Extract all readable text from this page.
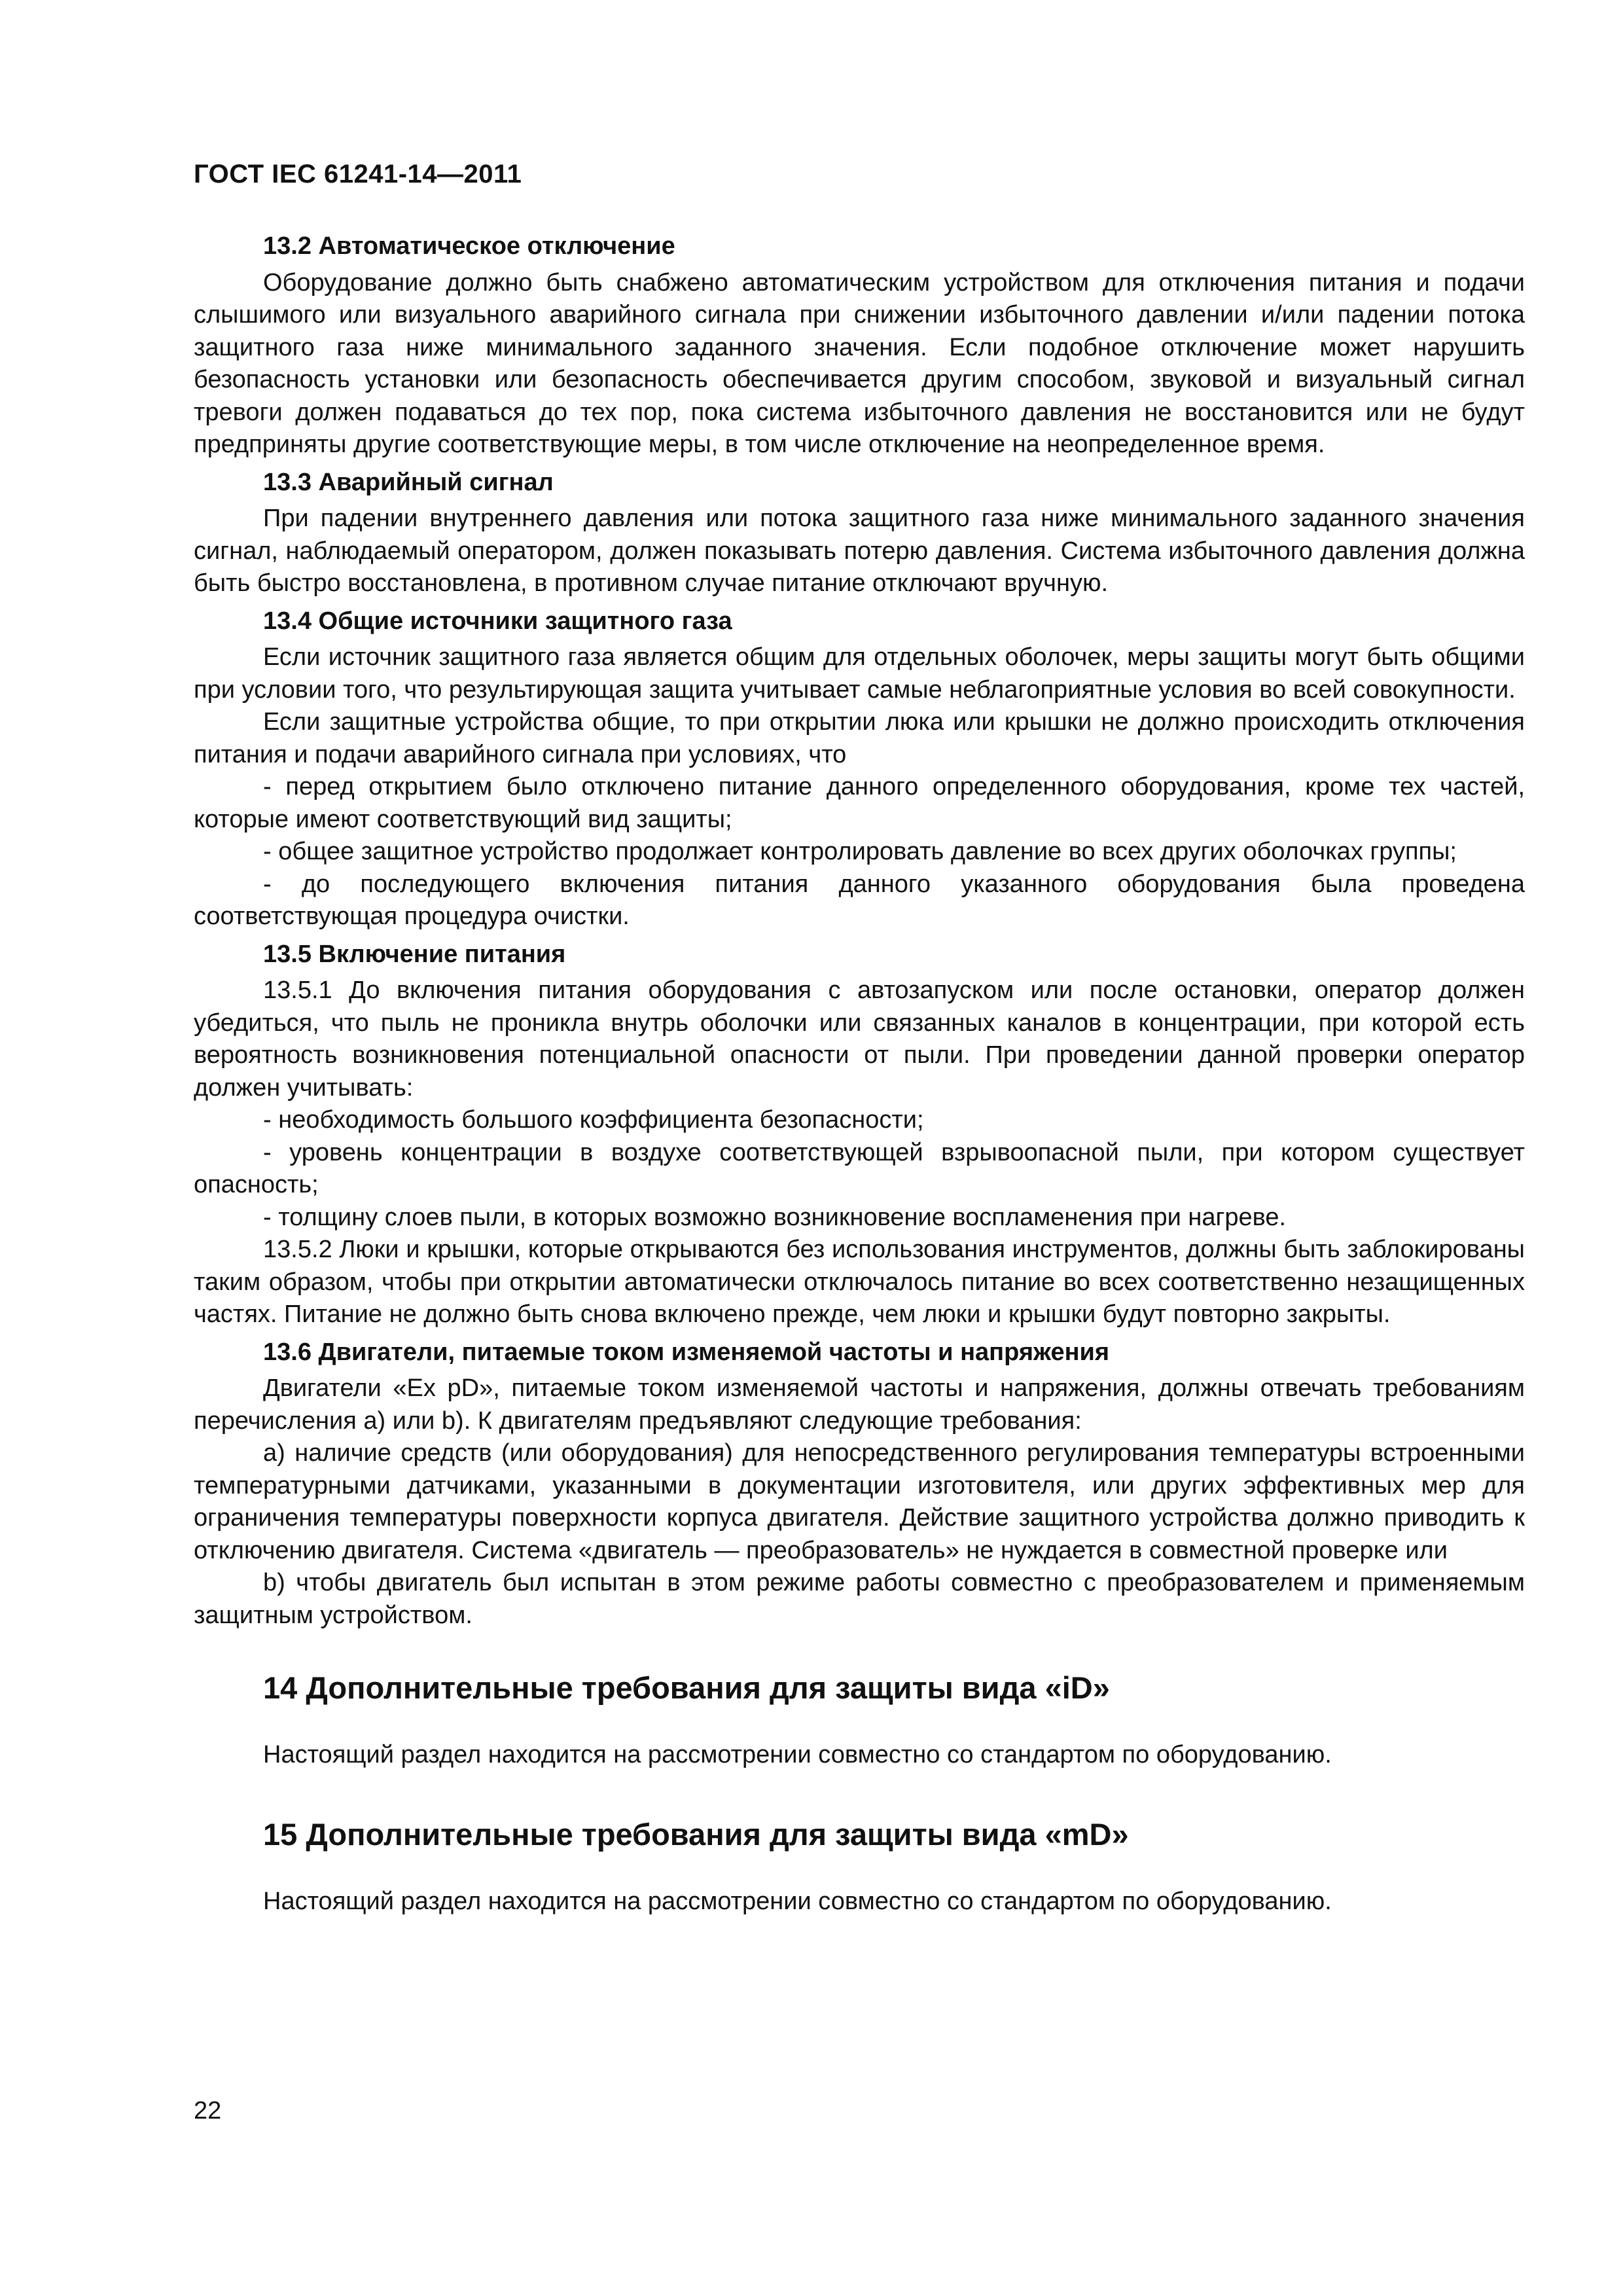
ГОСТ IEC 61241-14—2011

13.2 Автоматическое отключение

Оборудование должно быть снабжено автоматическим устройством для отключения питания и подачи слышимого или визуального аварийного сигнала при снижении избыточного давлении и/или падении потока защитного газа ниже минимального заданного значения. Если подобное отключение может нарушить безопасность установки или безопасность обеспечивается другим способом, звуковой и визуальный сигнал тревоги должен подаваться до тех пор, пока система избыточного давления не восстановится или не будут предприняты другие соответствующие меры, в том числе отключение на неопределенное время.

13.3 Аварийный сигнал

При падении внутреннего давления или потока защитного газа ниже минимального заданного значения сигнал, наблюдаемый оператором, должен показывать потерю давления. Система избыточного давления должна быть быстро восстановлена, в противном случае питание отключают вручную.

13.4 Общие источники защитного газа

Если источник защитного газа является общим для отдельных оболочек, меры защиты могут быть общими при условии того, что результирующая защита учитывает самые неблагоприятные условия во всей совокупности.

Если защитные устройства общие, то при открытии люка или крышки не должно происходить отключения питания и подачи аварийного сигнала при условиях, что

- перед открытием было отключено питание данного определенного оборудования, кроме тех частей, которые имеют соответствующий вид защиты;

- общее защитное устройство продолжает контролировать давление во всех других оболочках группы;

- до последующего включения питания данного указанного оборудования была проведена соответствующая процедура очистки.

13.5 Включение питания

13.5.1 До включения питания оборудования с автозапуском или после остановки, оператор должен убедиться, что пыль не проникла внутрь оболочки или связанных каналов в концентрации, при которой есть вероятность возникновения потенциальной опасности от пыли. При проведении данной проверки оператор должен учитывать:

- необходимость большого коэффициента безопасности;

- уровень концентрации в воздухе соответствующей взрывоопасной пыли, при котором существует опасность;

- толщину слоев пыли, в которых возможно возникновение воспламенения при нагреве.

13.5.2 Люки и крышки, которые открываются без использования инструментов, должны быть заблокированы таким образом, чтобы при открытии автоматически отключалось питание во всех соответственно незащищенных частях. Питание не должно быть снова включено прежде, чем люки и крышки будут повторно закрыты.

13.6 Двигатели, питаемые током изменяемой частоты и напряжения

Двигатели «Ex pD», питаемые током изменяемой частоты и напряжения, должны отвечать требованиям перечисления а) или b). К двигателям предъявляют следующие требования:

а) наличие средств (или оборудования) для непосредственного регулирования температуры встроенными температурными датчиками, указанными в документации изготовителя, или других эффективных мер для ограничения температуры поверхности корпуса двигателя. Действие защитного устройства должно приводить к отключению двигателя. Система «двигатель — преобразователь» не нуждается в совместной проверке или

b) чтобы двигатель был испытан в этом режиме работы совместно с преобразователем и применяемым защитным устройством.

14 Дополнительные требования для защиты вида «iD»

Настоящий раздел находится на рассмотрении совместно со стандартом по оборудованию.

15 Дополнительные требования для защиты вида «mD»

Настоящий раздел находится на рассмотрении совместно со стандартом по оборудованию.

22
